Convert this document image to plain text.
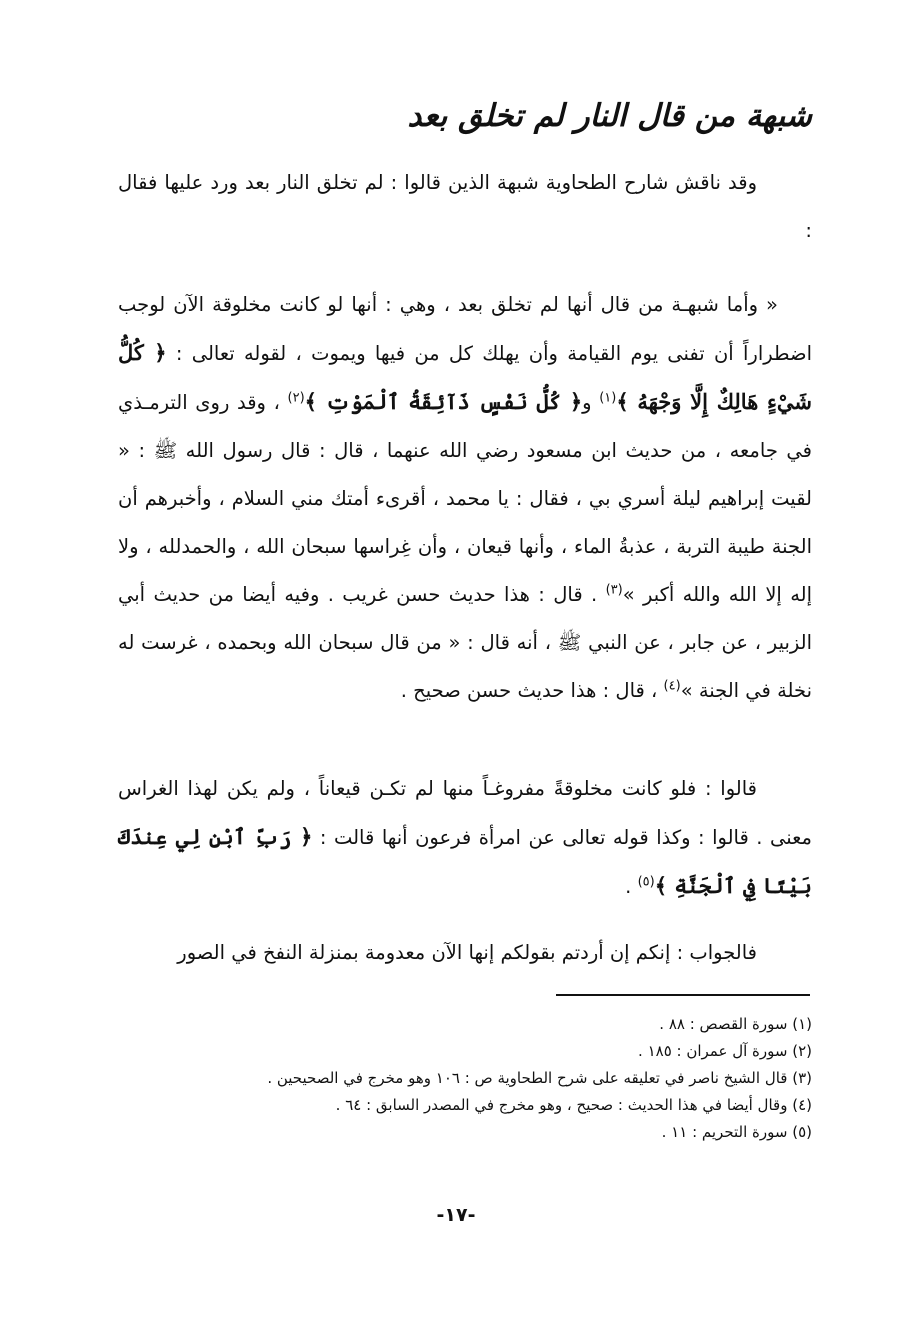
شبهة من قال النار لم تخلق بعد

وقد ناقش شارح الطحاوية شبهة الذين قالوا : لم تخلق النار بعد ورد عليها فقال :

« وأما شبهـة من قال أنها لم تخلق بعد ، وهي : أنها لو كانت مخلوقة الآن لوجب اضطراراً أن تفنى يوم القيامة وأن يهلك كل من فيها ويموت ، لقوله تعالى : ﴿ كُلُّ شَيْءٍ هَالِكٌ إِلَّا وَجْهَهُ ﴾$^{(١)}$ و﴿ كُلُّ نَفْسٍ ذَآئِقَةُ ٱلْمَوْتِ ﴾$^{(٢)}$ ، وقد روى الترمـذي في جامعه ، من حديث ابن مسعود رضي الله عنهما ، قال : قال رسول الله ﷺ : « لقيت إبراهيم ليلة أسري بي ، فقال : يا محمد ، أقرىء أمتك مني السلام ، وأخبرهم أن الجنة طيبة التربة ، عذبةُ الماء ، وأنها قيعان ، وأن غِراسها سبحان الله ، والحمدلله ، ولا إله إلا الله والله أكبر »$^{(٣)}$ . قال : هذا حديث حسن غريب . وفيه أيضا من حديث أبي الزبير ، عن جابر ، عن النبي ﷺ ، أنه قال : « من قال سبحان الله وبحمده ، غرست له نخلة في الجنة »$^{(٤)}$ ، قال : هذا حديث حسن صحيح .

قالوا : فلو كانت مخلوقةً مفروغـاً منها لم تكـن قيعاناً ، ولم يكن لهذا الغراس معنى . قالوا : وكذا قوله تعالى عن امرأة فرعون أنها قالت : ﴿ رَبِّ ٱبْنِ لِي عِندَكَ بَيْتًا فِي ٱلْجَنَّةِ ﴾$^{(٥)}$ .

فالجواب : إنكم إن أردتم بقولكم إنها الآن معدومة بمنزلة النفخ في الصور

(١) سورة القصص : ٨٨ .
(٢) سورة آل عمران : ١٨٥ .
(٣) قال الشيخ ناصر في تعليقه على شرح الطحاوية ص : ١٠٦ وهو مخرج في الصحيحين .
(٤) وقال أيضا في هذا الحديث : صحيح ، وهو مخرج في المصدر السابق : ٦٤ .
(٥) سورة التحريم : ١١ .
-١٧-
